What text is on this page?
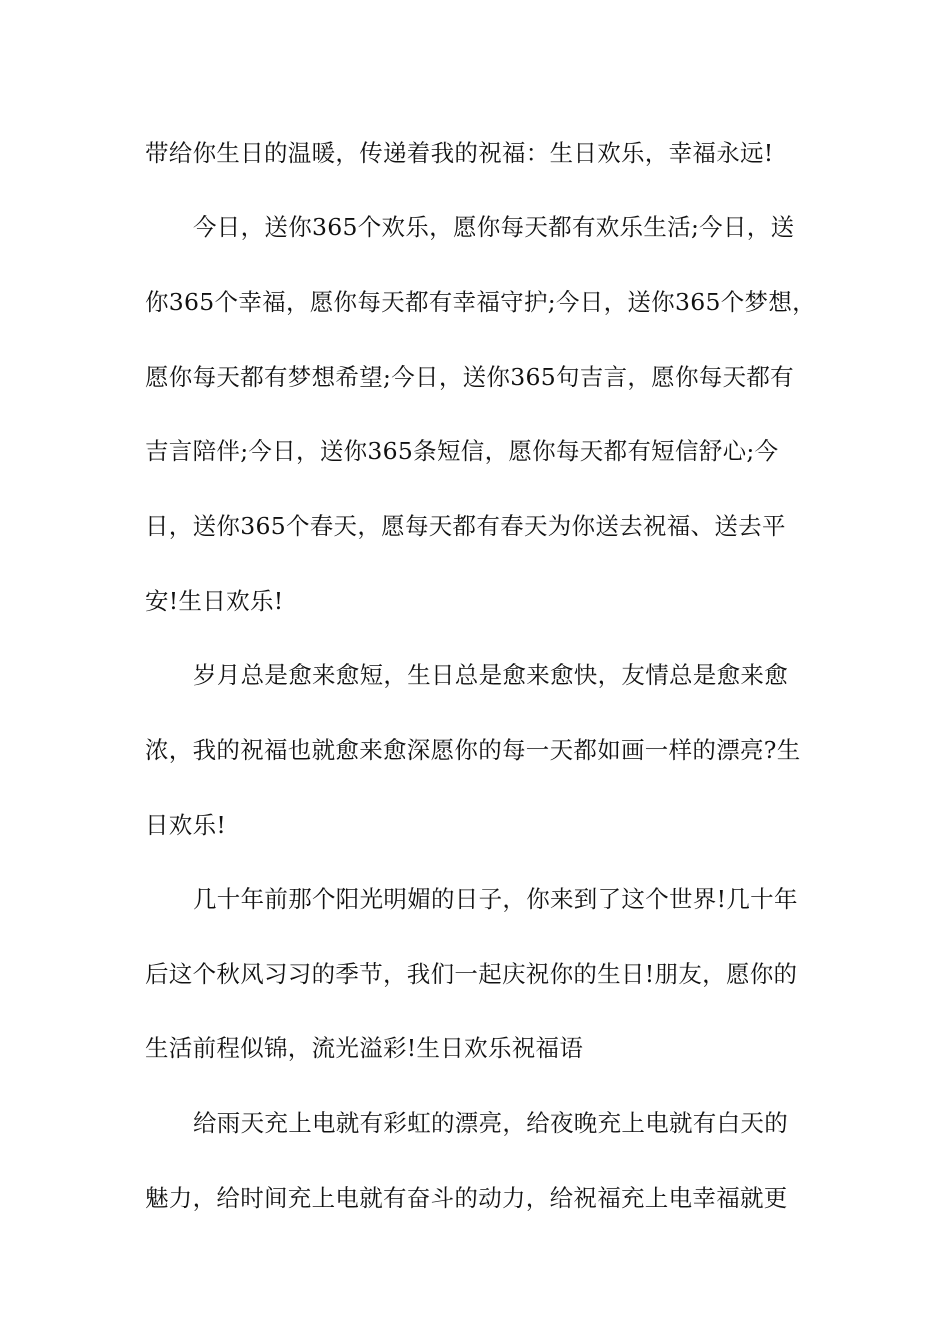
带给你生日的温暖，传递着我的祝福：生日欢乐，幸福永远!
今日，送你365个欢乐，愿你每天都有欢乐生活;今日，送
你365个幸福，愿你每天都有幸福守护;今日，送你365个梦想，
愿你每天都有梦想希望;今日，送你365句吉言，愿你每天都有
吉言陪伴;今日，送你365条短信，愿你每天都有短信舒心;今
日，送你365个春天，愿每天都有春天为你送去祝福、送去平
安!生日欢乐!
岁月总是愈来愈短，生日总是愈来愈快，友情总是愈来愈
浓，我的祝福也就愈来愈深愿你的每一天都如画一样的漂亮?生
日欢乐!
几十年前那个阳光明媚的日子，你来到了这个世界!几十年
后这个秋风习习的季节，我们一起庆祝你的生日!朋友，愿你的
生活前程似锦，流光溢彩!生日欢乐祝福语
给雨天充上电就有彩虹的漂亮，给夜晚充上电就有白天的
魅力，给时间充上电就有奋斗的动力，给祝福充上电幸福就更
